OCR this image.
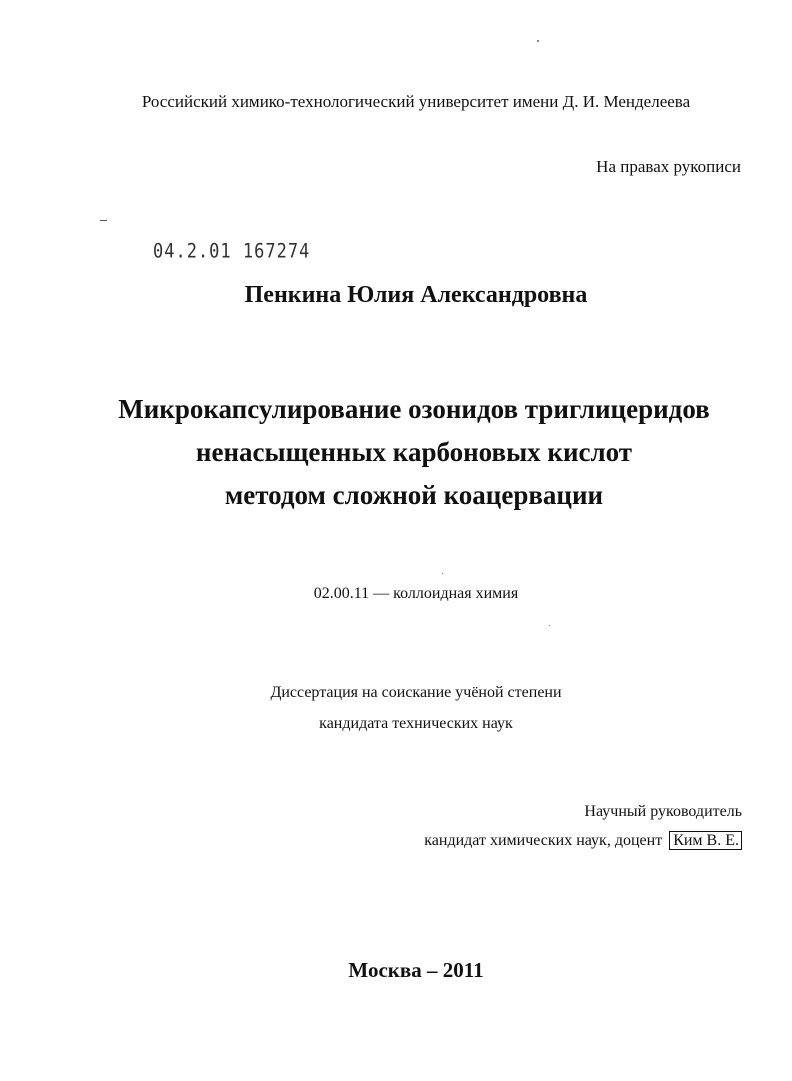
Российский химико-технологический университет имени Д. И. Менделеева
На правах рукописи
04.2.01 167274
Пенкина Юлия Александровна
Микрокапсулирование озонидов триглицеридов
ненасыщенных карбоновых кислот
методом сложной коацервации
02.00.11 — коллоидная химия
Диссертация на соискание учёной степени
кандидата технических наук
Научный руководитель
кандидат химических наук, доцент Ким В. Е.
Москва – 2011
